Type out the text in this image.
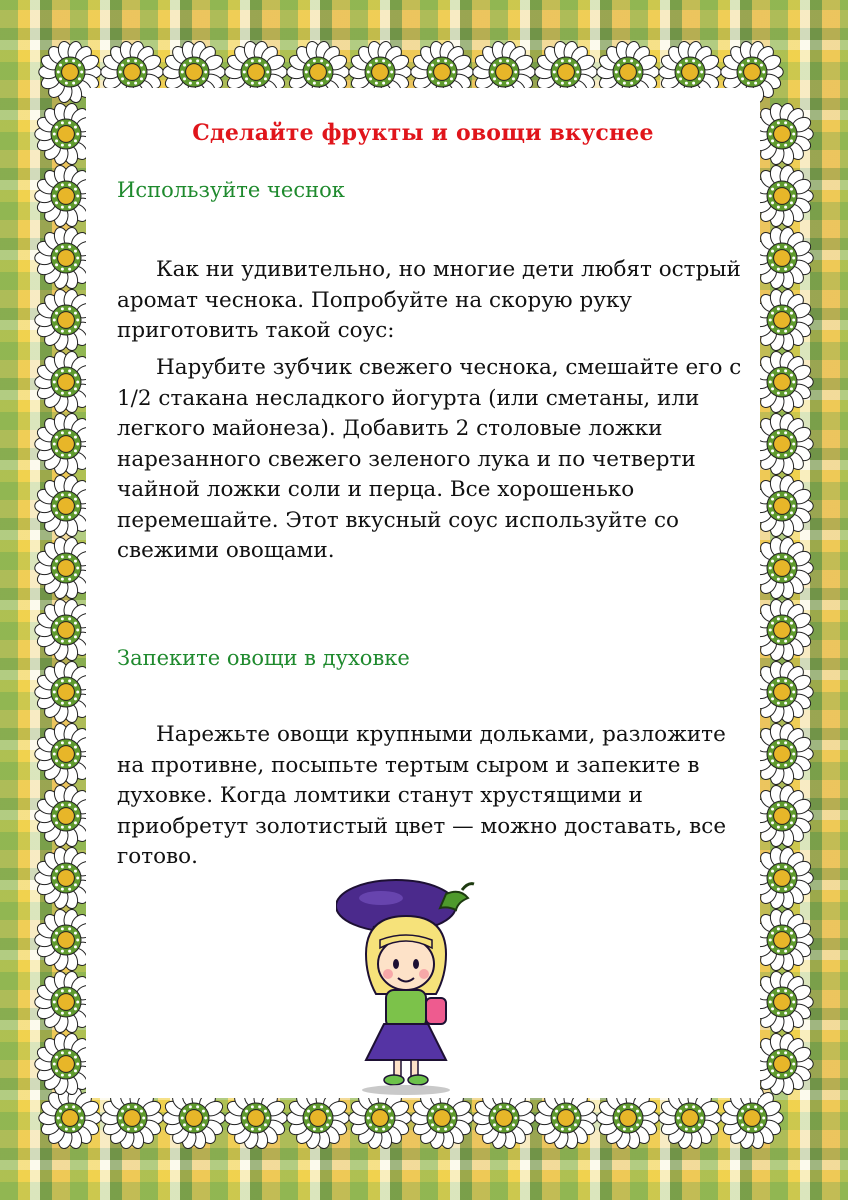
Сделайте фрукты и овощи вкуснее
Используйте чеснок

Как ни удивительно, но многие дети любят острый аромат чеснока. Попробуйте на скорую руку приготовить такой соус:

Нарубите зубчик свежего чеснока, смешайте его с 1/2 стакана несладкого йогурта (или сметаны, или легкого майонеза). Добавить 2 столовые ложки нарезанного свежего зеленого лука и по четверти чайной ложки соли и перца. Все хорошенько перемешайте. Этот вкусный соус используйте со свежими овощами.

Запеките овощи в духовке

Нарежьте овощи крупными дольками, разложите на противне, посыпьте тертым сыром и запеките в духовке. Когда ломтики станут хрустящими и приобретут золотистый цвет — можно доставать, все готово.
